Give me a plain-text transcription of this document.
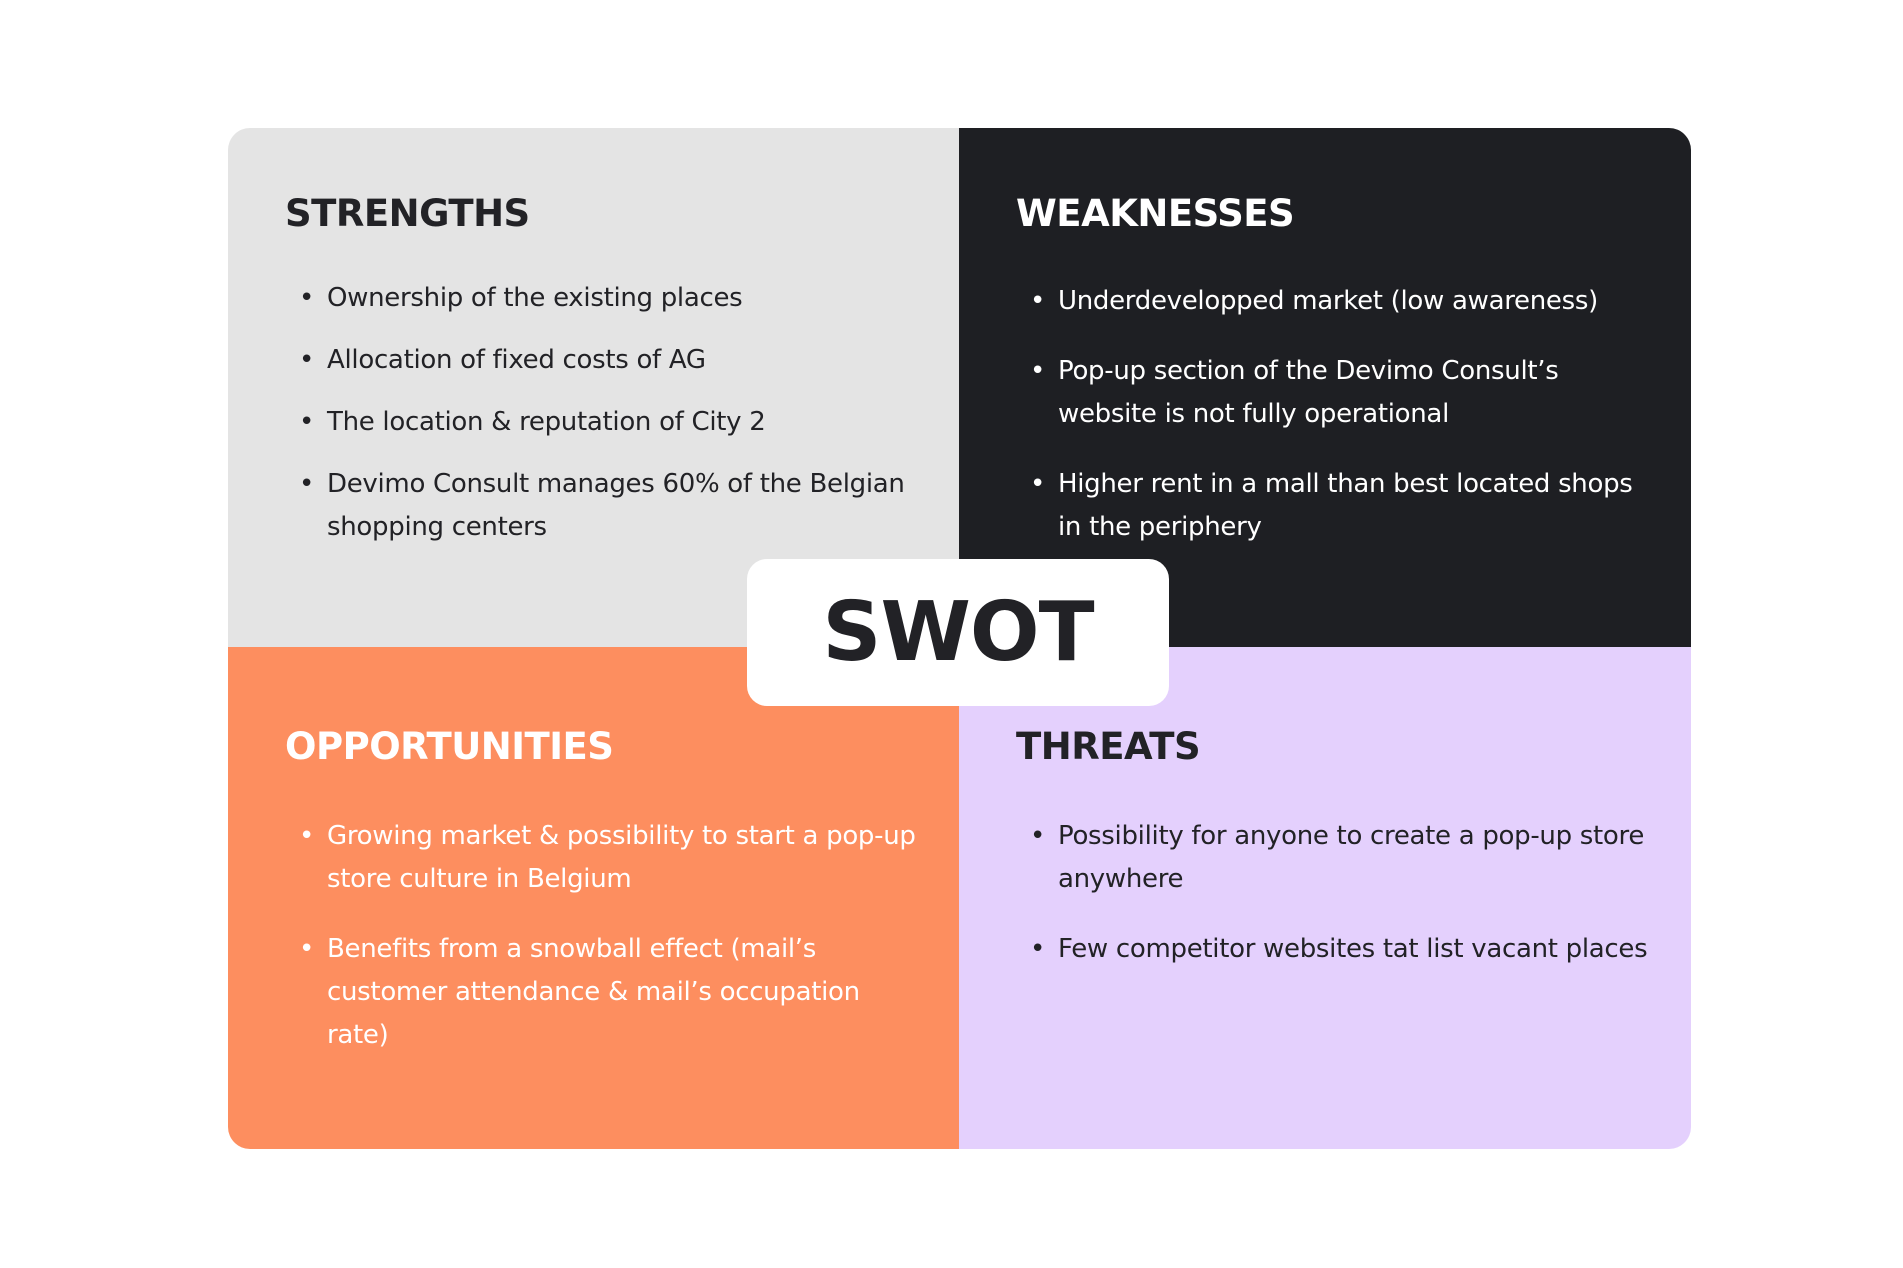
STRENGTHS
• Ownership of the existing places
• Allocation of fixed costs of AG
• The location & reputation of City 2
• Devimo Consult manages 60% of the Belgian shopping centers
WEAKNESSES
• Underdevelopped market (low awareness)
• Pop-up section of the Devimo Consult’s website is not fully operational
• Higher rent in a mall than best located shops in the periphery
OPPORTUNITIES
• Growing market & possibility to start a pop-up store culture in Belgium
• Benefits from a snowball effect (mail’s customer attendance & mail’s occupation rate)
THREATS
• Possibility for anyone to create a pop-up store anywhere
• Few competitor websites tat list vacant places
SWOT
